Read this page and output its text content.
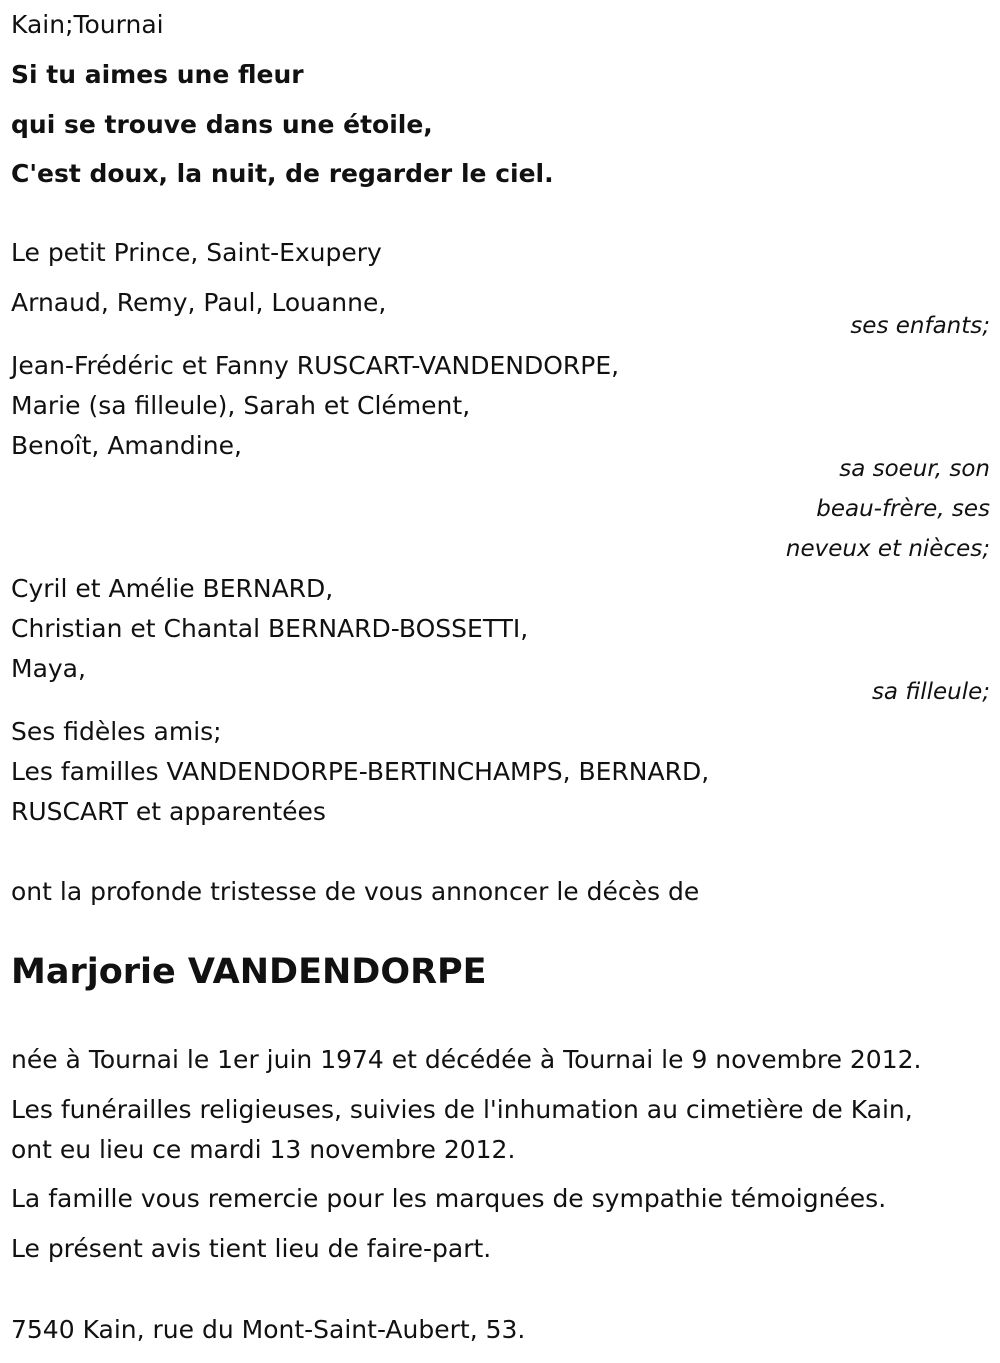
Kain;Tournai
Si tu aimes une fleur
qui se trouve dans une étoile,
C'est doux, la nuit, de regarder le ciel.
Le petit Prince, Saint-Exupery
Arnaud, Remy, Paul, Louanne,
ses enfants;
Jean-Frédéric et Fanny RUSCART-VANDENDORPE,
Marie (sa filleule), Sarah et Clément,
Benoît, Amandine,
sa soeur, son
beau-frère, ses
neveux et nièces;
Cyril et Amélie BERNARD,
Christian et Chantal BERNARD-BOSSETTI,
Maya,
sa filleule;
Ses fidèles amis;
Les familles VANDENDORPE-BERTINCHAMPS, BERNARD,
RUSCART et apparentées
ont la profonde tristesse de vous annoncer le décès de
Marjorie VANDENDORPE
née à Tournai le 1er juin 1974 et décédée à Tournai le 9 novembre 2012.
Les funérailles religieuses, suivies de l'inhumation au cimetière de Kain,
ont eu lieu ce mardi 13 novembre 2012.
La famille vous remercie pour les marques de sympathie témoignées.
Le présent avis tient lieu de faire-part.
7540 Kain, rue du Mont-Saint-Aubert, 53.
